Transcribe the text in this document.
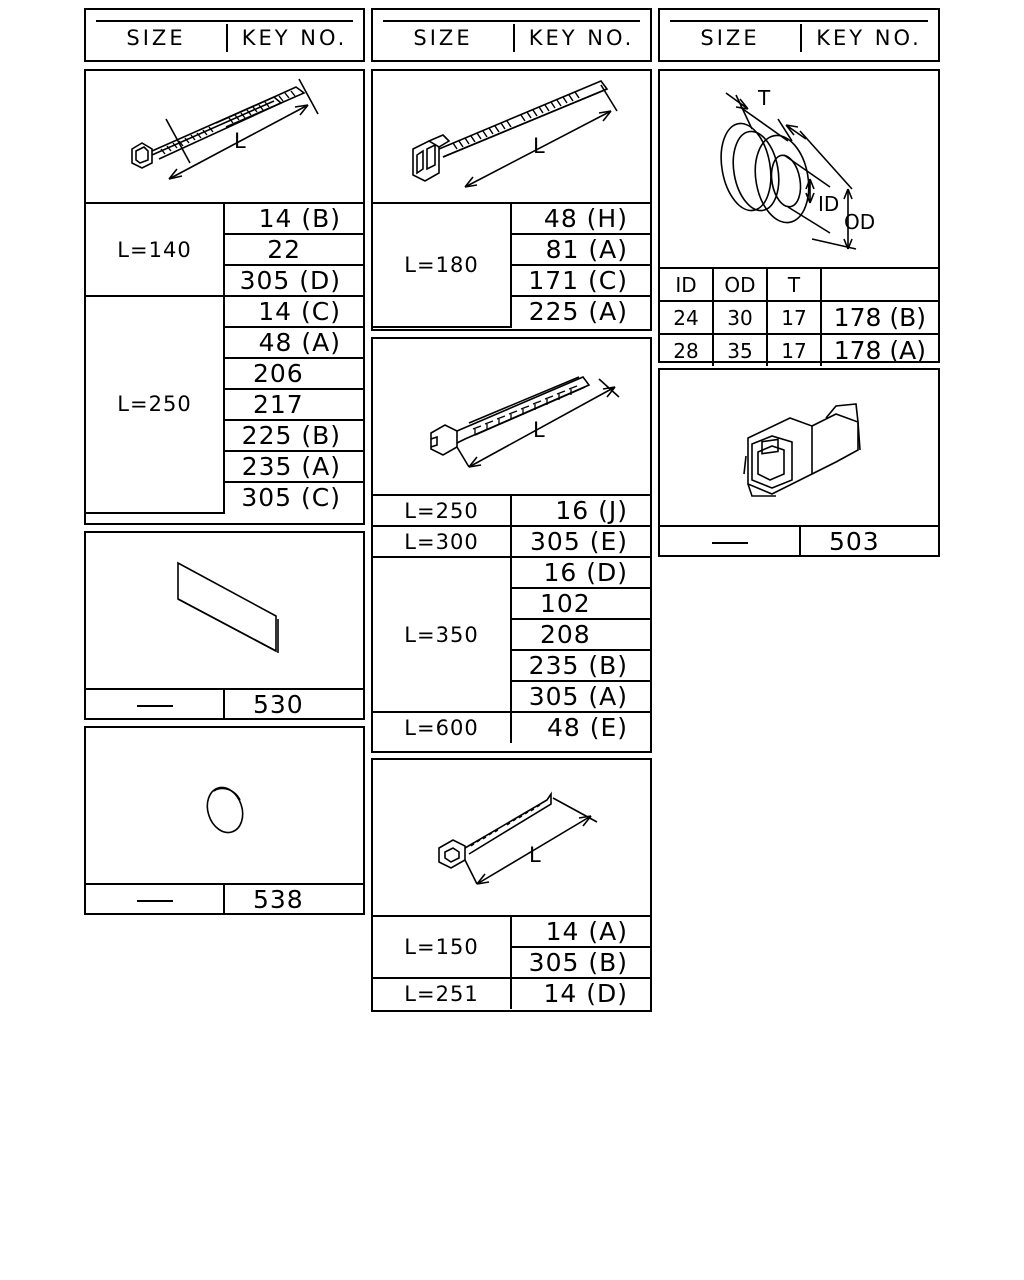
SIZE	KEY NO.	SIZE	KEY NO.	SIZE	KEY NO.
L
L=140	14 (B)
	22
	305 (D)
L=250	14 (C)
	48 (A)
	206
	217
	225 (B)
	235 (A)
	305 (C)
	530
	538
L
L=180	48 (H)
81 (A)
171 (C)
225 (A)
L
L=250	16 (J)
L=300	305 (E)
L=350	16 (D)
	102
	208
	235 (B)
	305 (A)
L=600	48 (E)
L
L=150	14 (A)
	305 (B)
L=251	14 (D)
T
ID
OD
ID	OD	T	
24	30	17	178 (B)
28	35	17	178 (A)
	503
